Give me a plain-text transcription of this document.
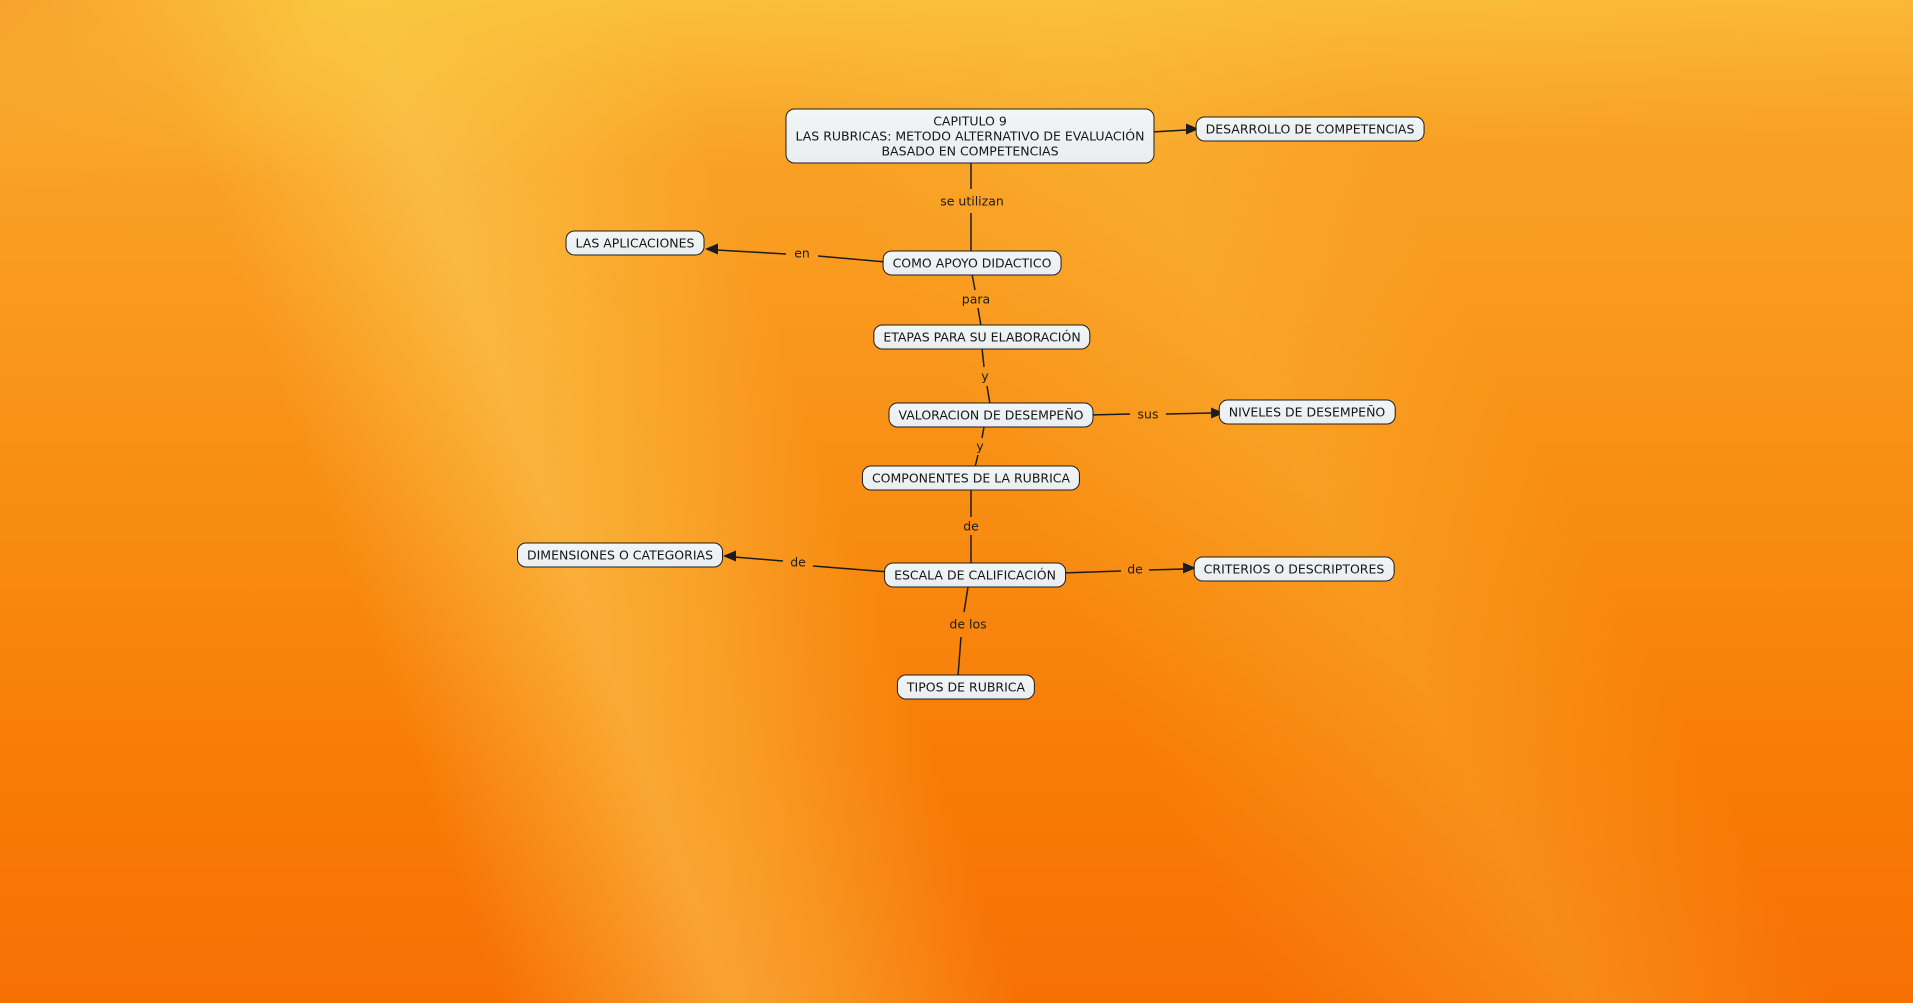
CAPITULO 9
LAS RUBRICAS: METODO ALTERNATIVO DE EVALUACIÓN
BASADO EN COMPETENCIAS
DESARROLLO DE COMPETENCIAS
LAS APLICACIONES
COMO APOYO DIDACTICO
ETAPAS PARA SU ELABORACIÓN
VALORACION DE DESEMPEÑO	NIVELES DE DESEMPEÑO
COMPONENTES DE LA RUBRICA
DIMENSIONES O CATEGORIAS
ESCALA DE CALIFICACIÓN	CRITERIOS O DESCRIPTORES
TIPOS DE RUBRICA
se utilizan
en
para
y
sus
y
de
de	de
de los
